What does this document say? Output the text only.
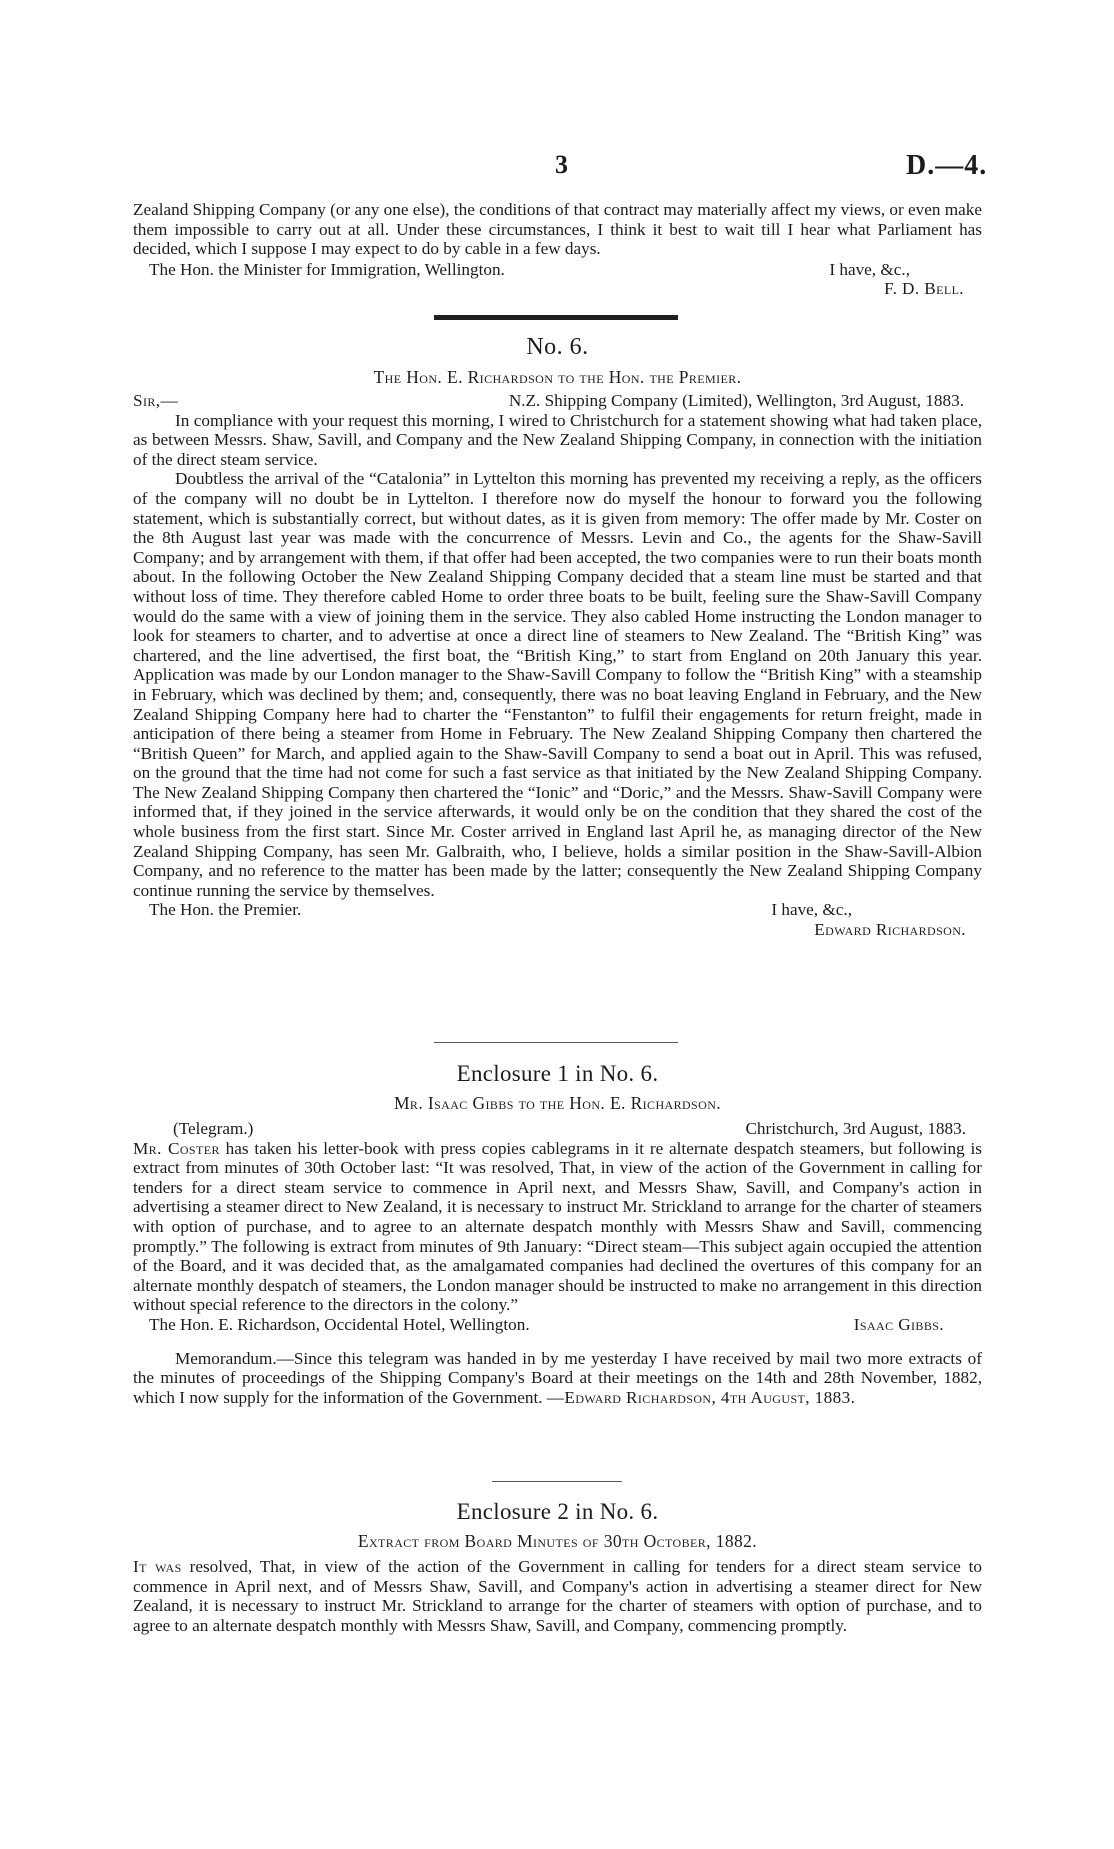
3	D.—4.

Zealand Shipping Company (or any one else), the conditions of that contract may materially affect my views, or even make them impossible to carry out at all. Under these circumstances, I think it best to wait till I hear what Parliament has decided, which I suppose I may expect to do by cable in a few days.

The Hon. the Minister for Immigration, Wellington.	I have, &c.,
F. D. Bell.
No. 6.
The Hon. E. Richardson to the Hon. the Premier.
Sir,—	N.Z. Shipping Company (Limited), Wellington, 3rd August, 1883.

In compliance with your request this morning, I wired to Christchurch for a statement showing what had taken place, as between Messrs. Shaw, Savill, and Company and the New Zealand Shipping Company, in connection with the initiation of the direct steam service.

Doubtless the arrival of the “Catalonia” in Lyttelton this morning has prevented my receiving a reply, as the officers of the company will no doubt be in Lyttelton. I therefore now do myself the honour to forward you the following statement, which is substantially correct, but without dates, as it is given from memory: The offer made by Mr. Coster on the 8th August last year was made with the concurrence of Messrs. Levin and Co., the agents for the Shaw-Savill Company; and by arrangement with them, if that offer had been accepted, the two companies were to run their boats month about. In the following October the New Zealand Shipping Company decided that a steam line must be started and that without loss of time. They therefore cabled Home to order three boats to be built, feeling sure the Shaw-Savill Company would do the same with a view of joining them in the service. They also cabled Home instructing the London manager to look for steamers to charter, and to advertise at once a direct line of steamers to New Zealand. The “British King” was chartered, and the line advertised, the first boat, the “British King,” to start from England on 20th January this year. Application was made by our London manager to the Shaw-Savill Company to follow the “British King” with a steamship in February, which was declined by them; and, consequently, there was no boat leaving England in February, and the New Zealand Shipping Company here had to charter the “Fenstanton” to fulfil their engagements for return freight, made in anticipation of there being a steamer from Home in February. The New Zealand Shipping Company then chartered the “British Queen” for March, and applied again to the Shaw-Savill Company to send a boat out in April. This was refused, on the ground that the time had not come for such a fast service as that initiated by the New Zealand Shipping Company. The New Zealand Shipping Company then chartered the “Ionic” and “Doric,” and the Messrs. Shaw-Savill Company were informed that, if they joined in the service afterwards, it would only be on the condition that they shared the cost of the whole business from the first start. Since Mr. Coster arrived in England last April he, as managing director of the New Zealand Shipping Company, has seen Mr. Galbraith, who, I believe, holds a similar position in the Shaw-Savill-Albion Company, and no reference to the matter has been made by the latter; consequently the New Zealand Shipping Company continue running the service by themselves.

The Hon. the Premier.	I have, &c.,
Edward Richardson.
Enclosure 1 in No. 6.
Mr. Isaac Gibbs to the Hon. E. Richardson.
(Telegram.)	Christchurch, 3rd August, 1883.

Mr. Coster has taken his letter-book with press copies cablegrams in it re alternate despatch steamers, but following is extract from minutes of 30th October last: “It was resolved, That, in view of the action of the Government in calling for tenders for a direct steam service to commence in April next, and Messrs Shaw, Savill, and Company's action in advertising a steamer direct to New Zealand, it is necessary to instruct Mr. Strickland to arrange for the charter of steamers with option of purchase, and to agree to an alternate despatch monthly with Messrs Shaw and Savill, commencing promptly.” The following is extract from minutes of 9th January: “Direct steam—This subject again occupied the attention of the Board, and it was decided that, as the amalgamated companies had declined the overtures of this company for an alternate monthly despatch of steamers, the London manager should be instructed to make no arrangement in this direction without special reference to the directors in the colony.”

The Hon. E. Richardson, Occidental Hotel, Wellington.	Isaac Gibbs.

Memorandum.—Since this telegram was handed in by me yesterday I have received by mail two more extracts of the minutes of proceedings of the Shipping Company's Board at their meetings on the 14th and 28th November, 1882, which I now supply for the information of the Government. —Edward Richardson, 4th August, 1883.

Enclosure 2 in No. 6.
Extract from Board Minutes of 30th October, 1882.

It was resolved, That, in view of the action of the Government in calling for tenders for a direct steam service to commence in April next, and of Messrs Shaw, Savill, and Company's action in advertising a steamer direct for New Zealand, it is necessary to instruct Mr. Strickland to arrange for the charter of steamers with option of purchase, and to agree to an alternate despatch monthly with Messrs Shaw, Savill, and Company, commencing promptly.
